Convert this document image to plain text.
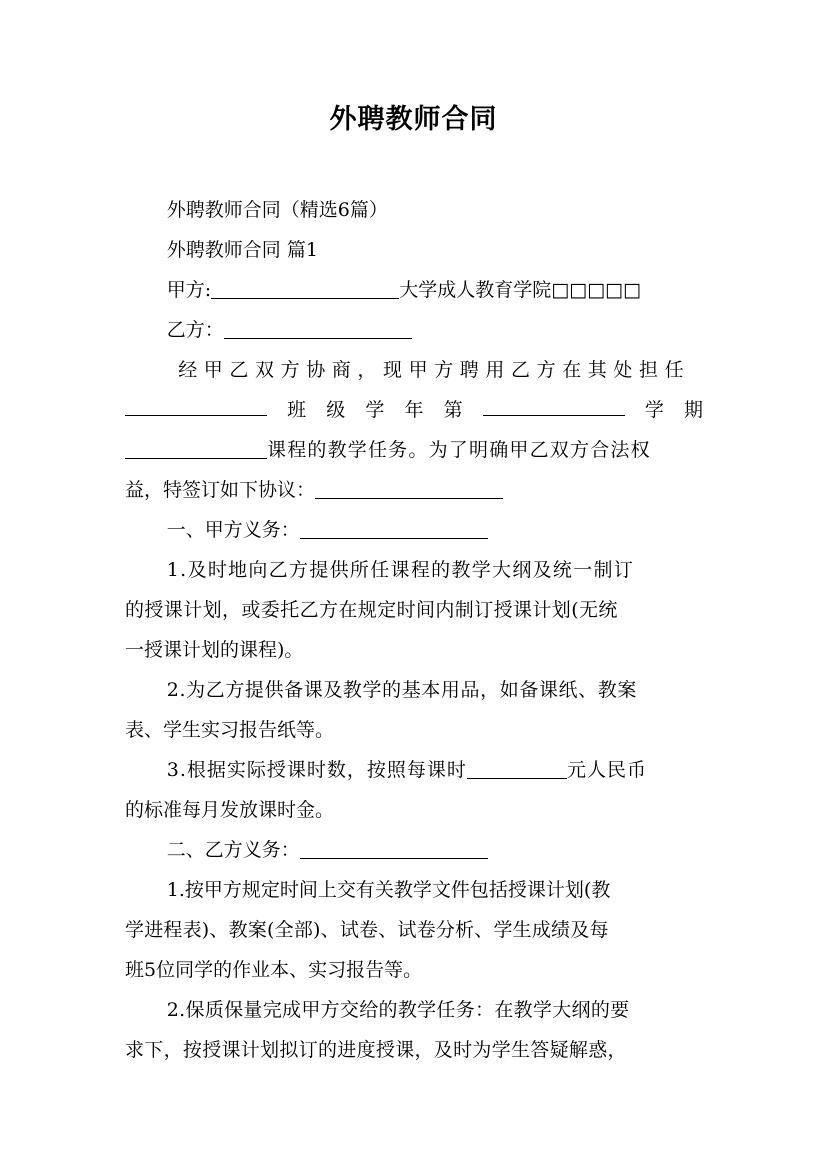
外聘教师合同
外聘教师合同（精选6篇）
外聘教师合同 篇1
甲方:	大学成人教育学院□□□□□
乙方：
经甲乙双方协商，现甲方聘用乙方在其处担任
班 级 学 年 第	学 期
课程的教学任务。为了明确甲乙双方合法权
益，特签订如下协议：
一、甲方义务：
1.及时地向乙方提供所任课程的教学大纲及统一制订
的授课计划，或委托乙方在规定时间内制订授课计划(无统
一授课计划的课程)。
2.为乙方提供备课及教学的基本用品，如备课纸、教案
表、学生实习报告纸等。
3.根据实际授课时数，按照每课时	元人民币
的标准每月发放课时金。
二、乙方义务：
1.按甲方规定时间上交有关教学文件包括授课计划(教
学进程表)、教案(全部)、试卷、试卷分析、学生成绩及每
班5位同学的作业本、实习报告等。
2.保质保量完成甲方交给的教学任务：在教学大纲的要
求下，按授课计划拟订的进度授课，及时为学生答疑解惑，
